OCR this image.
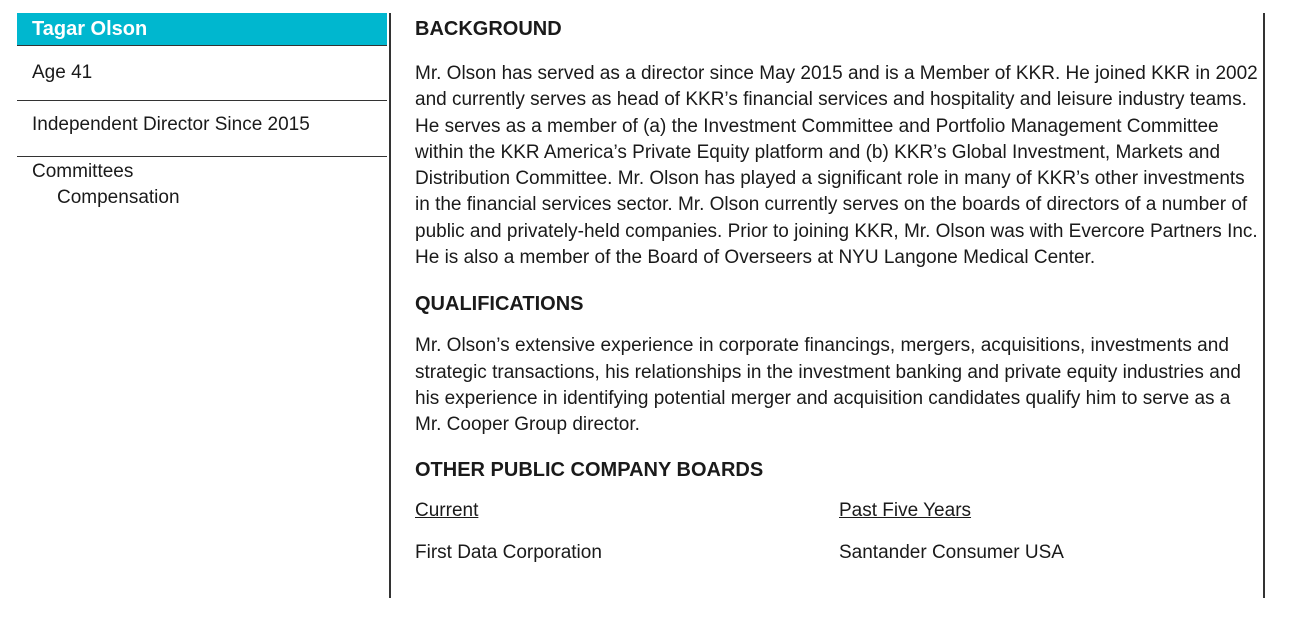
Tagar Olson
Age 41
Independent Director Since 2015
Committees
Compensation
BACKGROUND

Mr. Olson has served as a director since May 2015 and is a Member of KKR. He joined KKR in 2002 and currently serves as head of KKR’s financial services and hospitality and leisure industry teams. He serves as a member of (a) the Investment Committee and Portfolio Management Committee within the KKR America’s Private Equity platform and (b) KKR’s Global Investment, Markets and Distribution Committee. Mr. Olson has played a significant role in many of KKR’s other investments in the financial services sector. Mr. Olson currently serves on the boards of directors of a number of public and privately-held companies. Prior to joining KKR, Mr. Olson was with Evercore Partners Inc. He is also a member of the Board of Overseers at NYU Langone Medical Center.

QUALIFICATIONS

Mr. Olson’s extensive experience in corporate financings, mergers, acquisitions, investments and strategic transactions, his relationships in the investment banking and private equity industries and his experience in identifying potential merger and acquisition candidates qualify him to serve as a Mr. Cooper Group director.

OTHER PUBLIC COMPANY BOARDS
Current	Past Five Years
First Data Corporation	Santander Consumer USA
